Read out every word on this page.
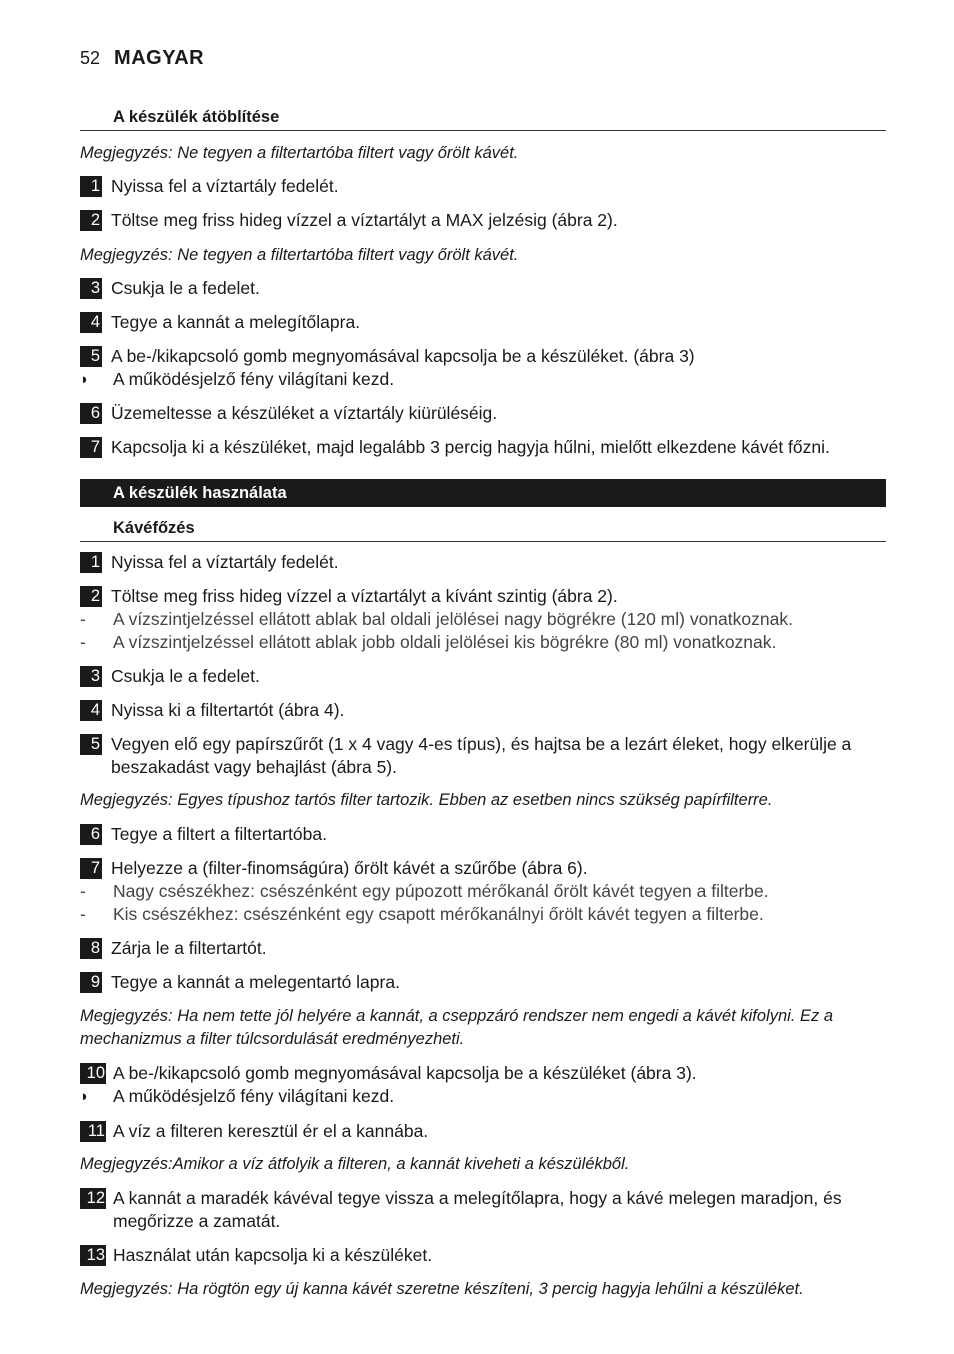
52 MAGYAR
A készülék átöblítése
Megjegyzés: Ne tegyen a filtertartóba filtert vagy őrölt kávét.
1 Nyissa fel a víztartály fedelét.
2 Töltse meg friss hideg vízzel a víztartályt a MAX jelzésig (ábra 2).
Megjegyzés: Ne tegyen a filtertartóba filtert vagy őrölt kávét.
3 Csukja le a fedelet.
4 Tegye a kannát a melegítőlapra.
5 A be-/kikapcsoló gomb megnyomásával kapcsolja be a készüléket. (ábra 3)
◗	A működésjelző fény világítani kezd.
6 Üzemeltesse a készüléket a víztartály kiürüléséig.
7 Kapcsolja ki a készüléket, majd legalább 3 percig hagyja hűlni, mielőtt elkezdene kávét főzni.
A készülék használata
Kávéfőzés
1 Nyissa fel a víztartály fedelét.
2 Töltse meg friss hideg vízzel a víztartályt a kívánt szintig (ábra 2).
-	A vízszintjelzéssel ellátott ablak bal oldali jelölései nagy bögrékre (120 ml) vonatkoznak.
-	A vízszintjelzéssel ellátott ablak jobb oldali jelölései kis bögrékre (80 ml) vonatkoznak.
3 Csukja le a fedelet.
4 Nyissa ki a filtertartót (ábra 4).
5 Vegyen elő egy papírszűrőt (1 x 4 vagy 4-es típus), és hajtsa be a lezárt éleket, hogy elkerülje a beszakadást vagy behajlást (ábra 5).
Megjegyzés: Egyes típushoz tartós filter tartozik. Ebben az esetben nincs szükség papírfilterre.
6 Tegye a filtert a filtertartóba.
7 Helyezze a (filter-finomságúra) őrölt kávét a szűrőbe (ábra 6).
-	Nagy csészékhez: csészénként egy púpozott mérőkanál őrölt kávét tegyen a filterbe.
-	Kis csészékhez: csészénként egy csapott mérőkanálnyi őrölt kávét tegyen a filterbe.
8 Zárja le a filtertartót.
9 Tegye a kannát a melegentartó lapra.
Megjegyzés: Ha nem tette jól helyére a kannát, a cseppzáró rendszer nem engedi a kávét kifolyni. Ez a mechanizmus a filter túlcsordulását eredményezheti.
10 A be-/kikapcsoló gomb megnyomásával kapcsolja be a készüléket (ábra 3).
◗	A működésjelző fény világítani kezd.
11 A víz a filteren keresztül ér el a kannába.
Megjegyzés:Amikor a víz átfolyik a filteren, a kannát kiveheti a készülékből.
12 A kannát a maradék kávéval tegye vissza a melegítőlapra, hogy a kávé melegen maradjon, és megőrizze a zamatát.
13 Használat után kapcsolja ki a készüléket.
Megjegyzés: Ha rögtön egy új kanna kávét szeretne készíteni, 3 percig hagyja lehűlni a készüléket.
